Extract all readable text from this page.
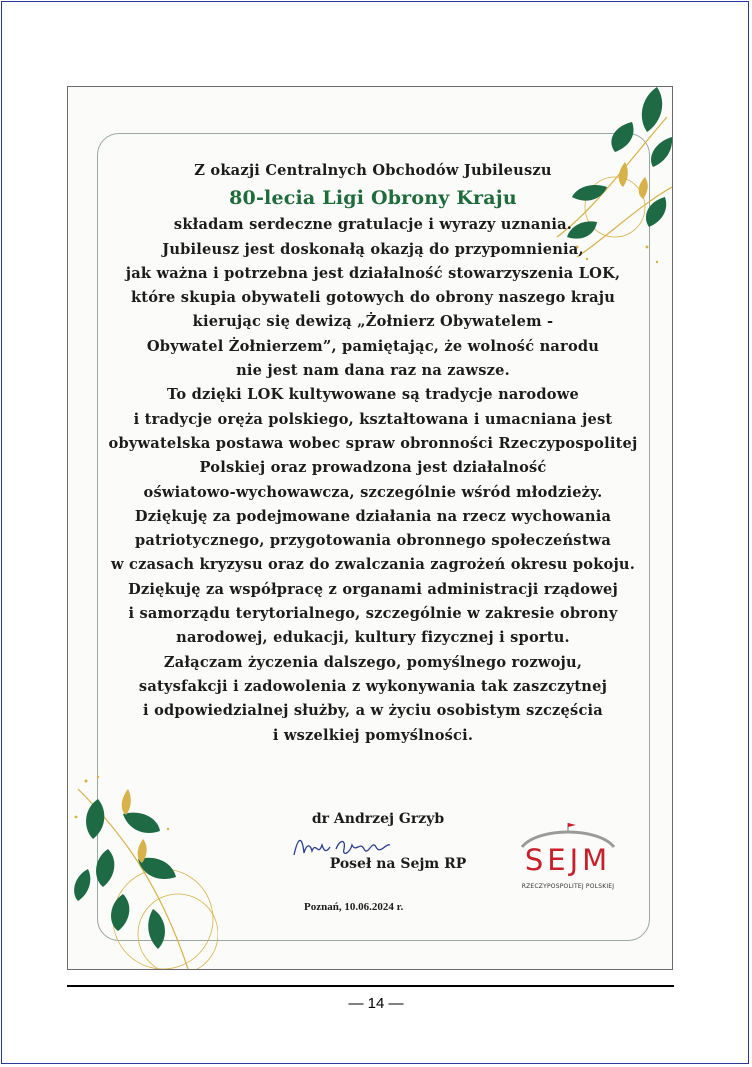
Z okazji Centralnych Obchodów Jubileuszu

80-lecia Ligi Obrony Kraju

składam serdeczne gratulacje i wyrazy uznania.

Jubileusz jest doskonałą okazją do przypomnienia,

jak ważna i potrzebna jest działalność stowarzyszenia LOK,

które skupia obywateli gotowych do obrony naszego kraju

kierując się dewizą „Żołnierz Obywatelem -

Obywatel Żołnierzem”, pamiętając, że wolność narodu

nie jest nam dana raz na zawsze.

To dzięki LOK kultywowane są tradycje narodowe

i tradycje oręża polskiego, kształtowana i umacniana jest

obywatelska postawa wobec spraw obronności Rzeczypospolitej

Polskiej oraz prowadzona jest działalność

oświatowo-wychowawcza, szczególnie wśród młodzieży.

Dziękuję za podejmowane działania na rzecz wychowania

patriotycznego, przygotowania obronnego społeczeństwa

w czasach kryzysu oraz do zwalczania zagrożeń okresu pokoju.

Dziękuję za współpracę z organami administracji rządowej

i samorządu terytorialnego, szczególnie w zakresie obrony

narodowej, edukacji, kultury fizycznej i sportu.

Załączam życzenia dalszego, pomyślnego rozwoju,

satysfakcji i zadowolenia z wykonywania tak zaszczytnej

i odpowiedzialnej służby, a w życiu osobistym szczęścia

i wszelkiej pomyślności.

dr Andrzej Grzyb
Poseł na Sejm RP
Poznań, 10.06.2024 r.
SEJM
RZECZYPOSPOLITEJ POLSKIEJ
— 14 —
